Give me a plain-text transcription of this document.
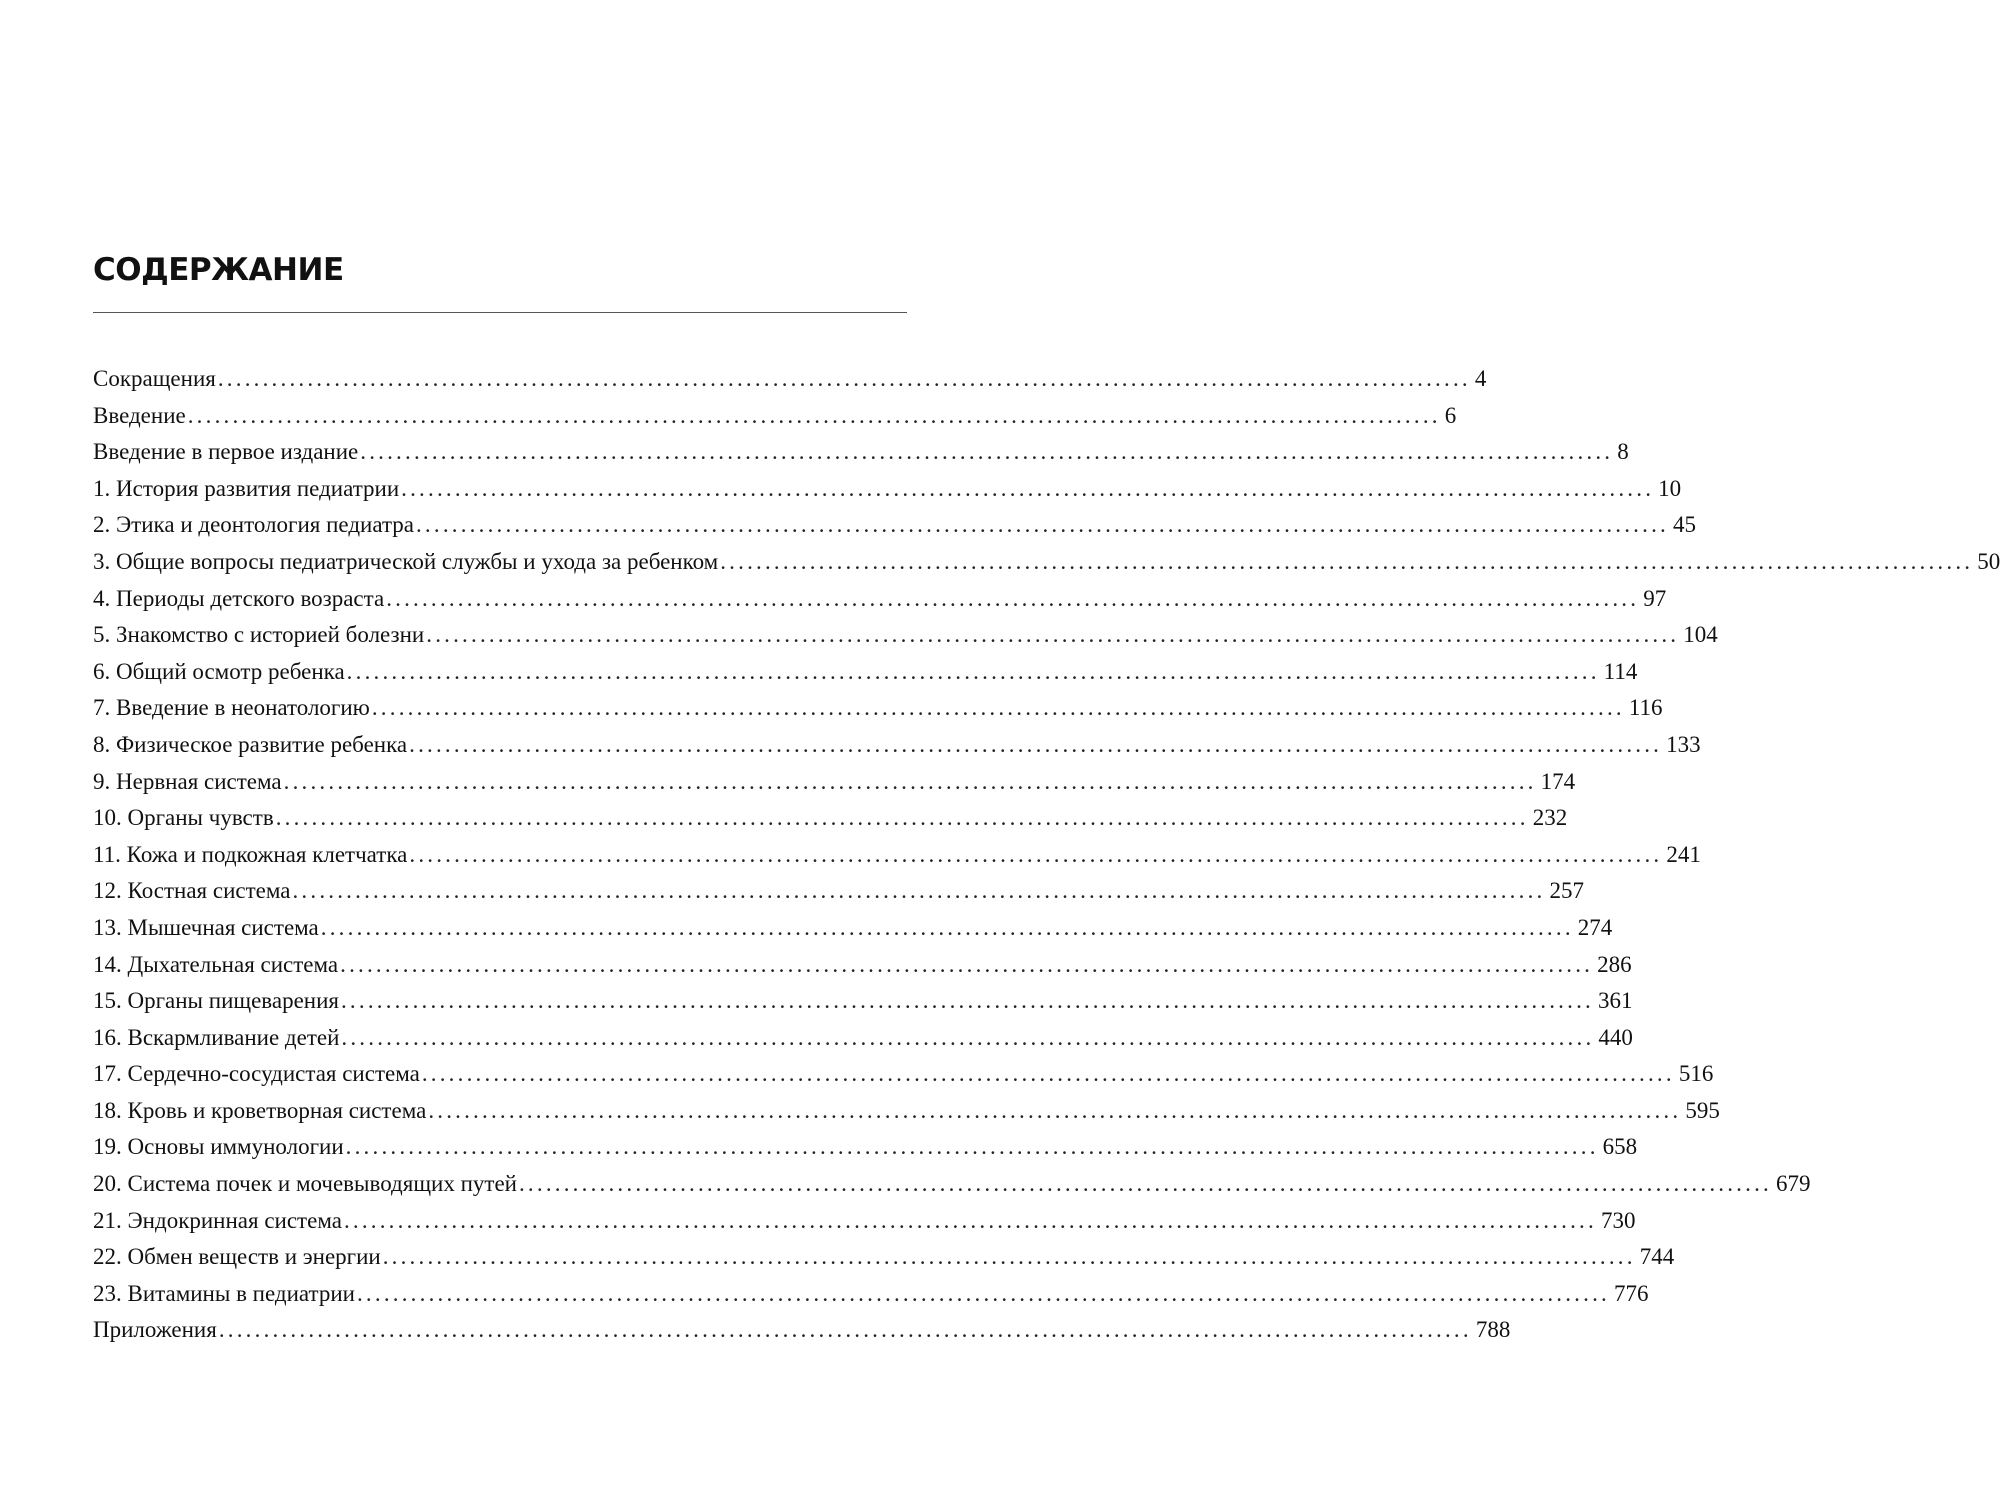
СОДЕРЖАНИЕ
Сокращения ............................................................................................................................................ 4
Введение ............................................................................................................................................ 6
Введение в первое издание ............................................................................................................................................ 8
1. История развития педиатрии ............................................................................................................................................ 10
2. Этика и деонтология педиатра ............................................................................................................................................ 45
3. Общие вопросы педиатрической службы и ухода за ребенком ............................................................................................................................................ 50
4. Периоды детского возраста ............................................................................................................................................ 97
5. Знакомство с историей болезни ............................................................................................................................................ 104
6. Общий осмотр ребенка ............................................................................................................................................ 114
7. Введение в неонатологию ............................................................................................................................................ 116
8. Физическое развитие ребенка ............................................................................................................................................ 133
9. Нервная система ............................................................................................................................................ 174
10. Органы чувств ............................................................................................................................................ 232
11. Кожа и подкожная клетчатка ............................................................................................................................................ 241
12. Костная система ............................................................................................................................................ 257
13. Мышечная система ............................................................................................................................................ 274
14. Дыхательная система ............................................................................................................................................ 286
15. Органы пищеварения ............................................................................................................................................ 361
16. Вскармливание детей ............................................................................................................................................ 440
17. Сердечно-сосудистая система ............................................................................................................................................ 516
18. Кровь и кроветворная система ............................................................................................................................................ 595
19. Основы иммунологии ............................................................................................................................................ 658
20. Система почек и мочевыводящих путей ............................................................................................................................................ 679
21. Эндокринная система ............................................................................................................................................ 730
22. Обмен веществ и энергии ............................................................................................................................................ 744
23. Витамины в педиатрии ............................................................................................................................................ 776
Приложения ............................................................................................................................................ 788
